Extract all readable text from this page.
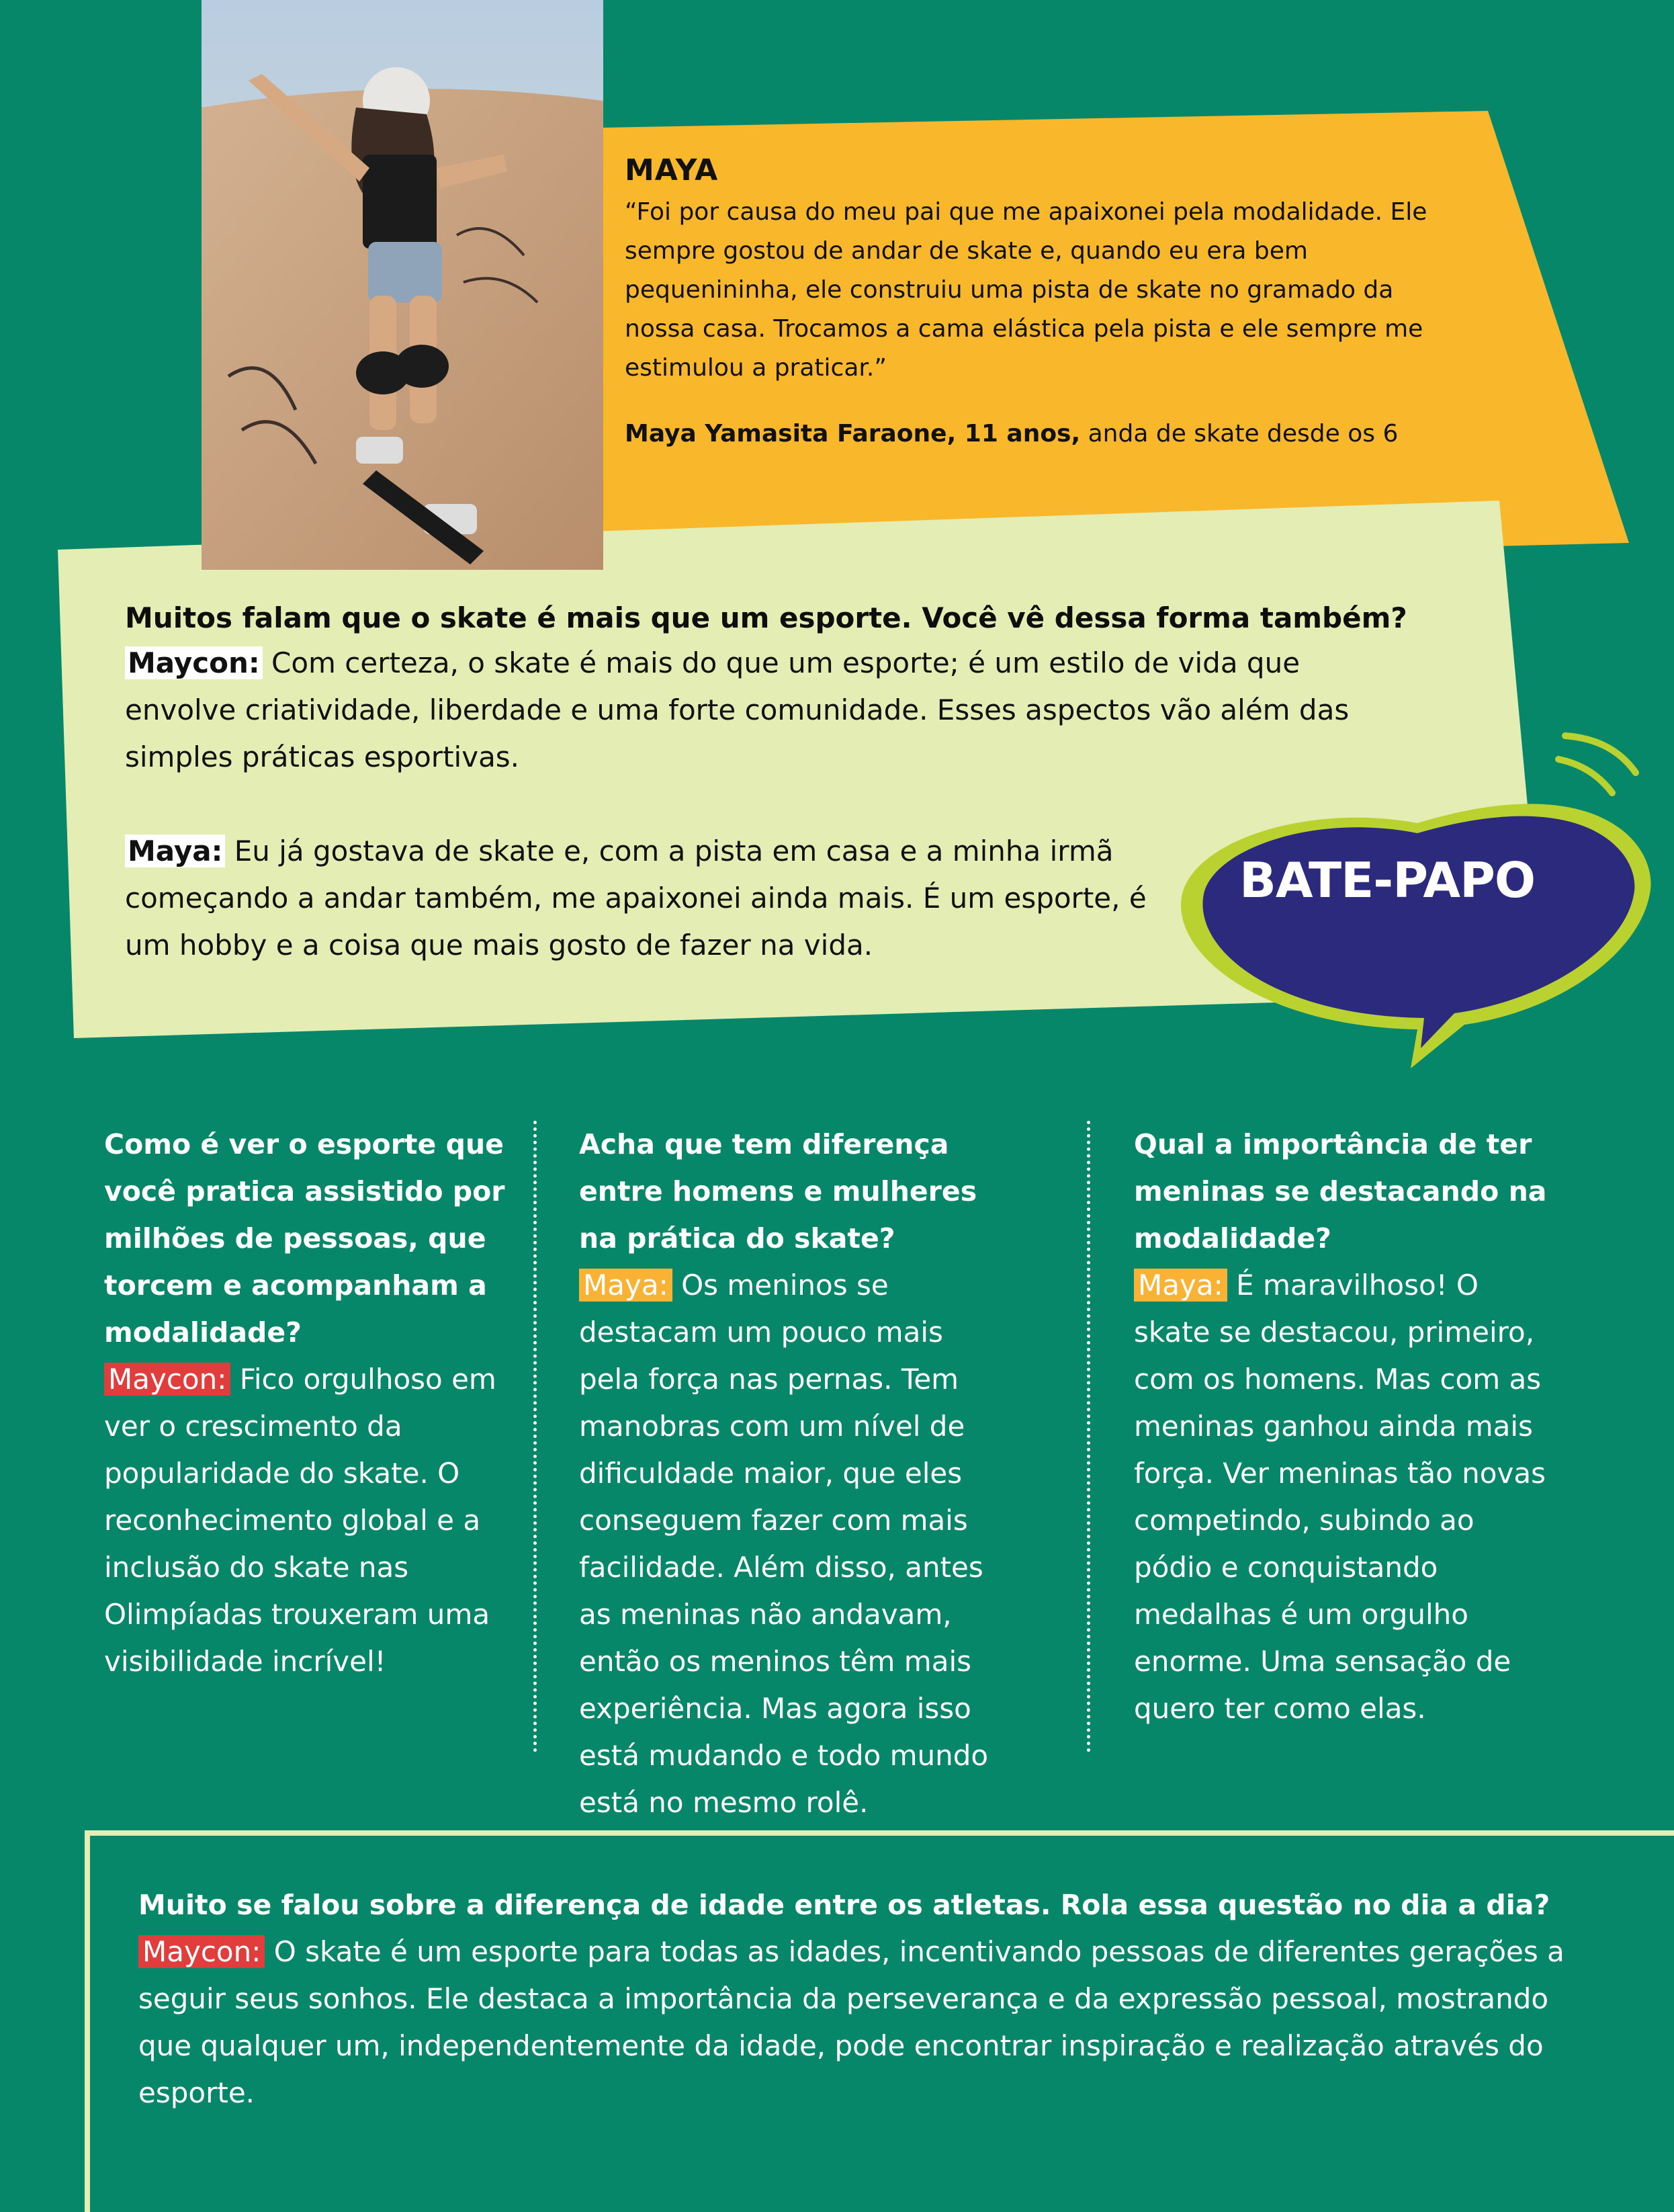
MAYA

“Foi por causa do meu pai que me apaixonei pela modalidade. Ele sempre gostou de andar de skate e, quando eu era bem pequenininha, ele construiu uma pista de skate no gramado da nossa casa. Trocamos a cama elástica pela pista e ele sempre me estimulou a praticar.”

Maya Yamasita Faraone, 11 anos, anda de skate desde os 6
Muitos falam que o skate é mais que um esporte. Você vê dessa forma também?

Maycon: Com certeza, o skate é mais do que um esporte; é um estilo de vida que envolve criatividade, liberdade e uma forte comunidade. Esses aspectos vão além das simples práticas esportivas.

Maya: Eu já gostava de skate e, com a pista em casa e a minha irmã começando a andar também, me apaixonei ainda mais. É um esporte, é um hobby e a coisa que mais gosto de fazer na vida.

BATE-PAPO
Como é ver o esporte que você pratica assistido por milhões de pessoas, que torcem e acompanham a modalidade?

Maycon: Fico orgulhoso em ver o crescimento da popularidade do skate. O reconhecimento global e a inclusão do skate nas Olimpíadas trouxeram uma visibilidade incrível!

Acha que tem diferença entre homens e mulheres na prática do skate?

Maya: Os meninos se destacam um pouco mais pela força nas pernas. Tem manobras com um nível de dificuldade maior, que eles conseguem fazer com mais facilidade. Além disso, antes as meninas não andavam, então os meninos têm mais experiência. Mas agora isso está mudando e todo mundo está no mesmo rolê.

Qual a importância de ter meninas se destacando na modalidade?

Maya: É maravilhoso! O skate se destacou, primeiro, com os homens. Mas com as meninas ganhou ainda mais força. Ver meninas tão novas competindo, subindo ao pódio e conquistando medalhas é um orgulho enorme. Uma sensação de quero ter como elas.

Muito se falou sobre a diferença de idade entre os atletas. Rola essa questão no dia a dia?

Maycon: O skate é um esporte para todas as idades, incentivando pessoas de diferentes gerações a seguir seus sonhos. Ele destaca a importância da perseverança e da expressão pessoal, mostrando que qualquer um, independentemente da idade, pode encontrar inspiração e realização através do esporte.
